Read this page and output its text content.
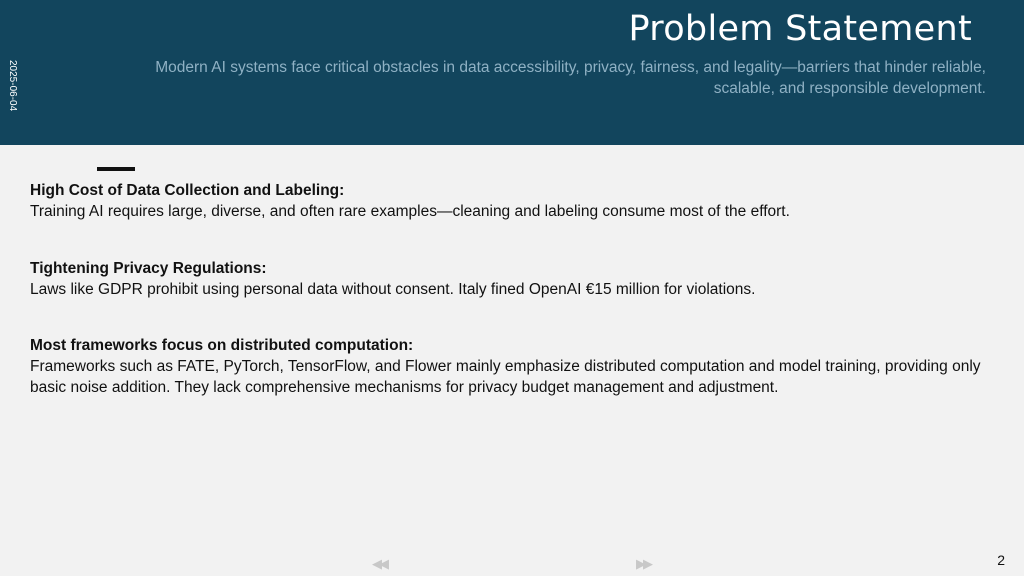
Problem Statement
Modern AI systems face critical obstacles in data accessibility, privacy, fairness, and legality—barriers that hinder reliable, scalable, and responsible development.
2025-06-04
High Cost of Data Collection and Labeling:
Training AI requires large, diverse, and often rare examples—cleaning and labeling consume most of the effort.
Tightening Privacy Regulations:
Laws like GDPR prohibit using personal data without consent. Italy fined OpenAI €15 million for violations.
Most frameworks focus on distributed computation:
Frameworks such as FATE, PyTorch, TensorFlow, and Flower mainly emphasize distributed computation and model training, providing only basic noise addition. They lack comprehensive mechanisms for privacy budget management and adjustment.
◀◀	▶▶	2
